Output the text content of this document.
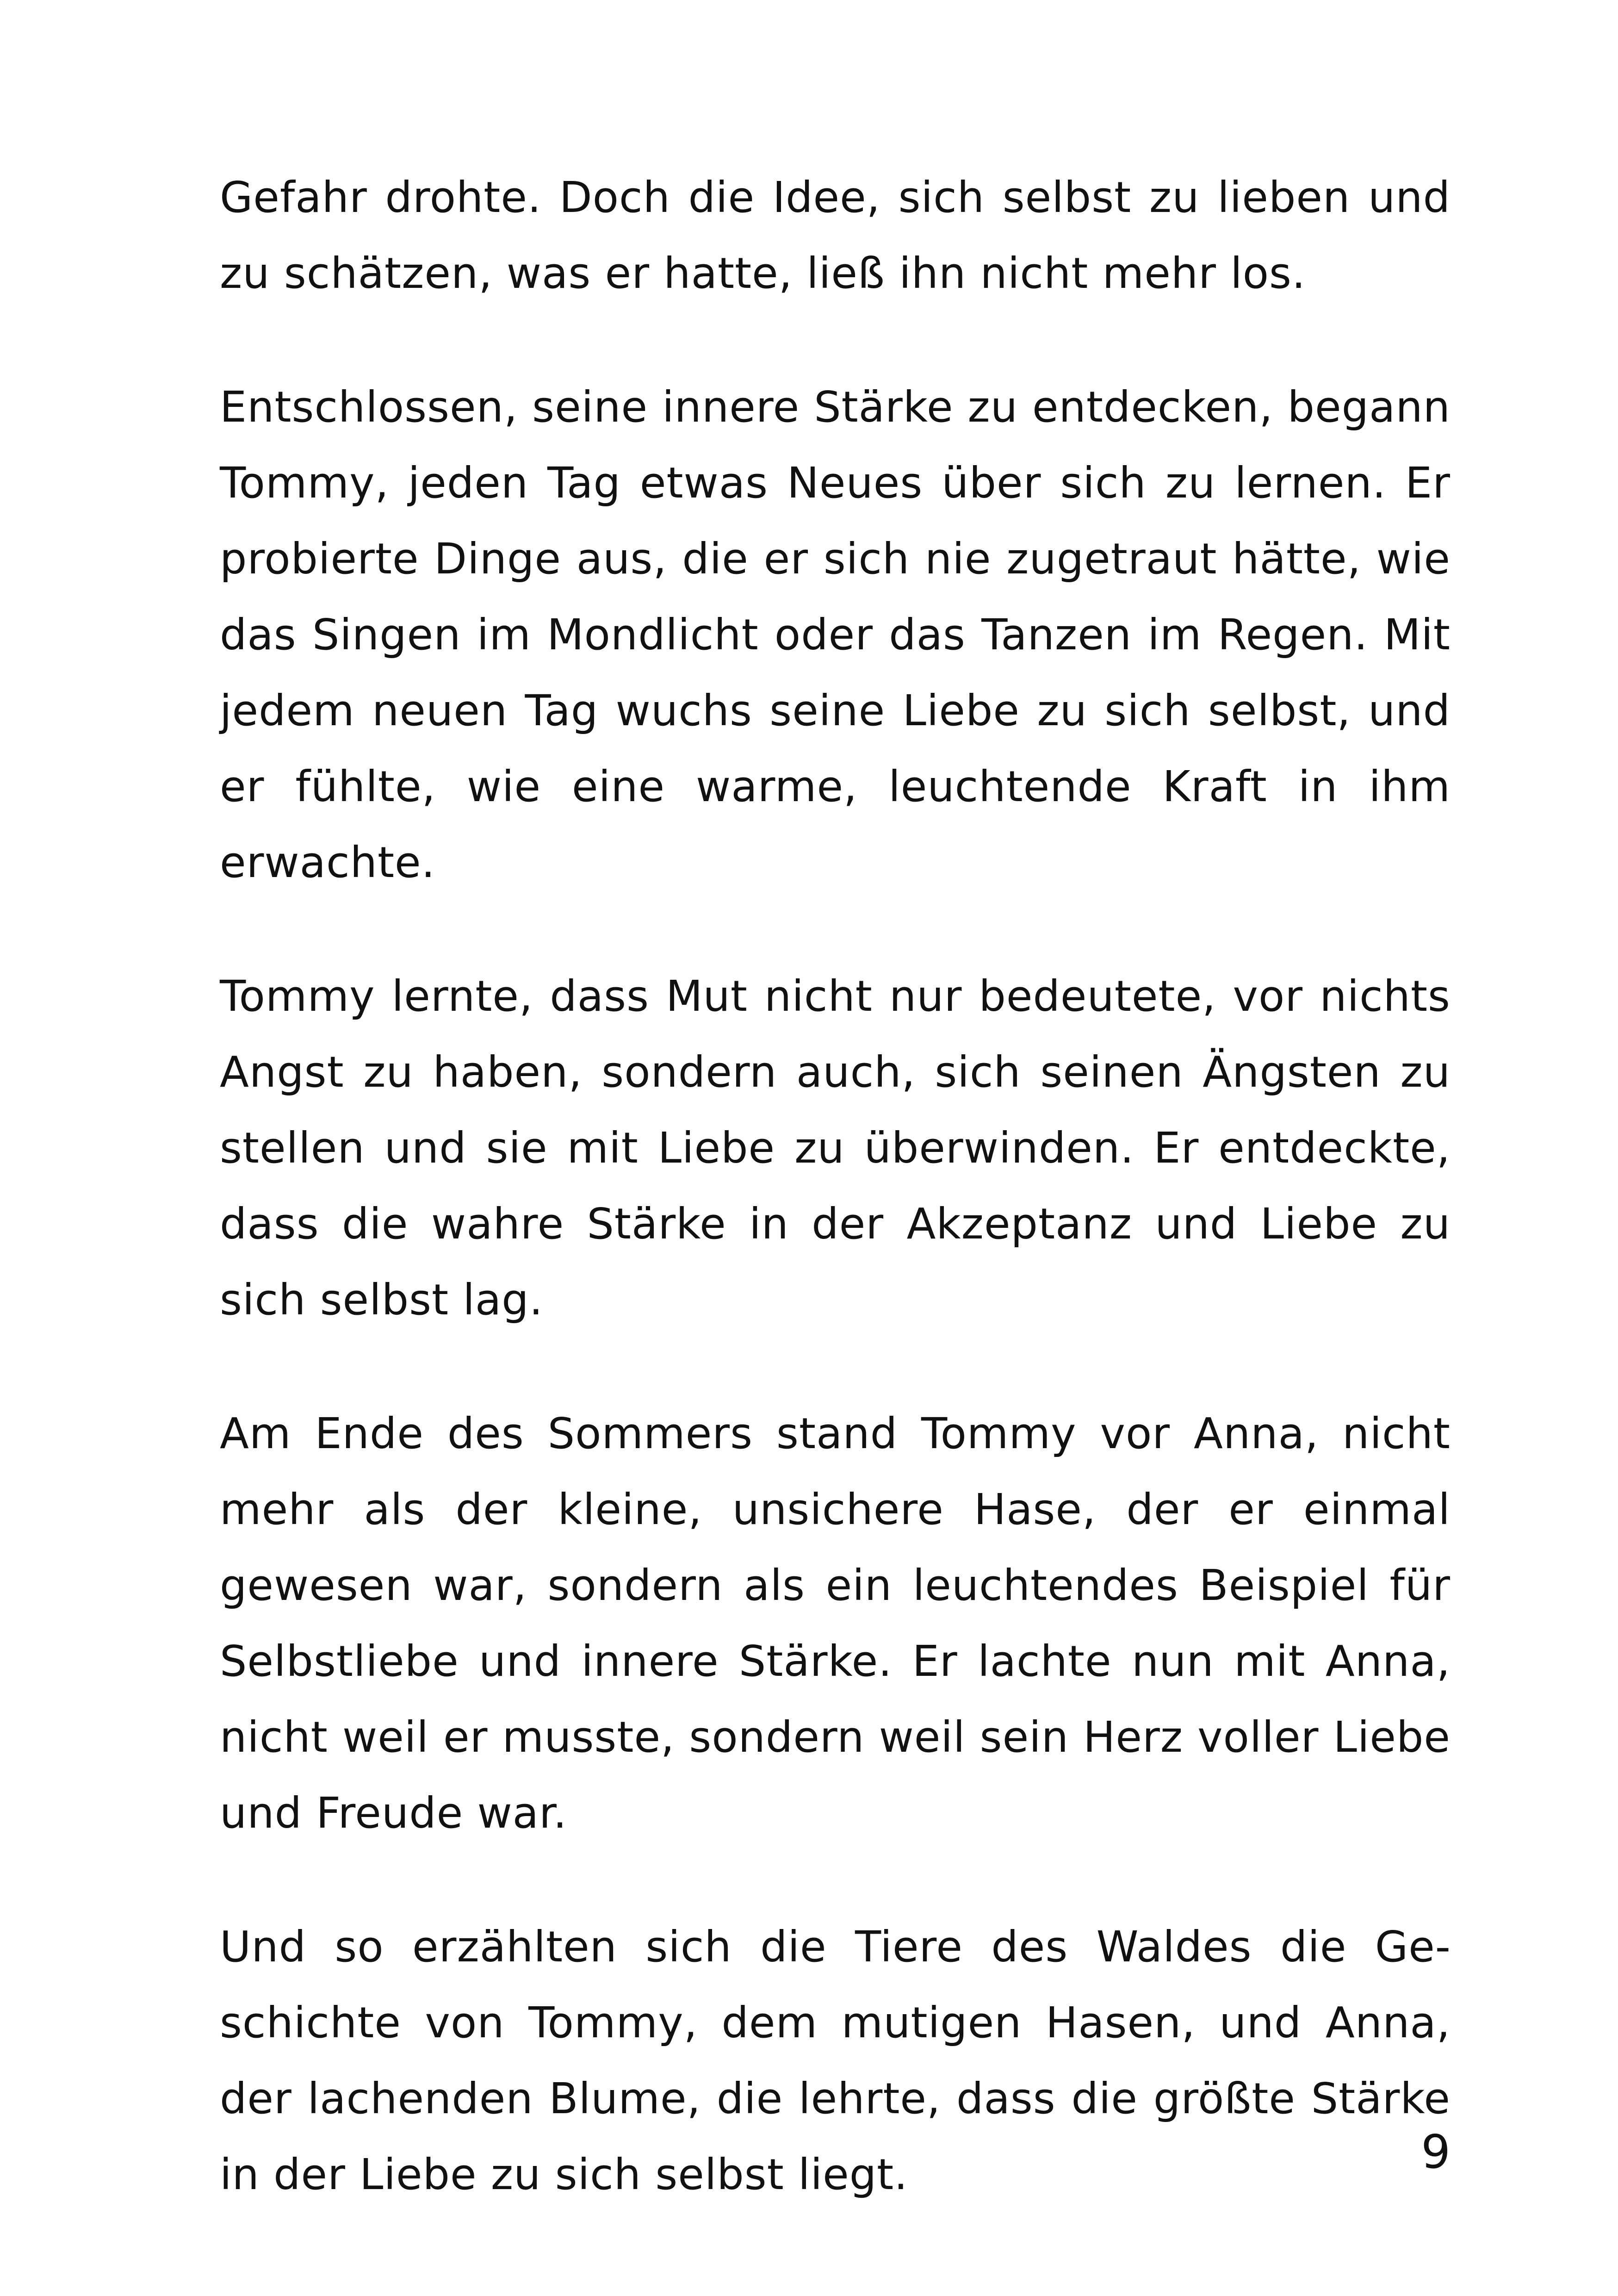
Gefahr drohte. Doch die Idee, sich selbst zu lieben und zu schätzen, was er hatte, ließ ihn nicht mehr los.

Entschlossen, seine innere Stärke zu entdecken, begann Tommy, jeden Tag etwas Neues über sich zu lernen. Er probierte Dinge aus, die er sich nie zugetraut hätte, wie das Singen im Mondlicht oder das Tanzen im Regen. Mit jedem neuen Tag wuchs seine Liebe zu sich selbst, und er fühlte, wie eine warme, leuchtende Kraft in ihm erwachte.

Tommy lernte, dass Mut nicht nur bedeutete, vor nichts Angst zu haben, sondern auch, sich seinen Ängsten zu stellen und sie mit Liebe zu überwinden. Er entdeckte, dass die wahre Stärke in der Akzeptanz und Liebe zu sich selbst lag.

Am Ende des Sommers stand Tommy vor Anna, nicht mehr als der kleine, unsichere Hase, der er einmal gewesen war, sondern als ein leuchtendes Beispiel für Selbstliebe und innere Stärke. Er lachte nun mit Anna, nicht weil er musste, sondern weil sein Herz voller Liebe und Freude war.

Und so erzählten sich die Tiere des Waldes die Geschichte von Tommy, dem mutigen Hasen, und Anna, der lachenden Blume, die lehrte, dass die größte Stärke in der Liebe zu sich selbst liegt.	9
